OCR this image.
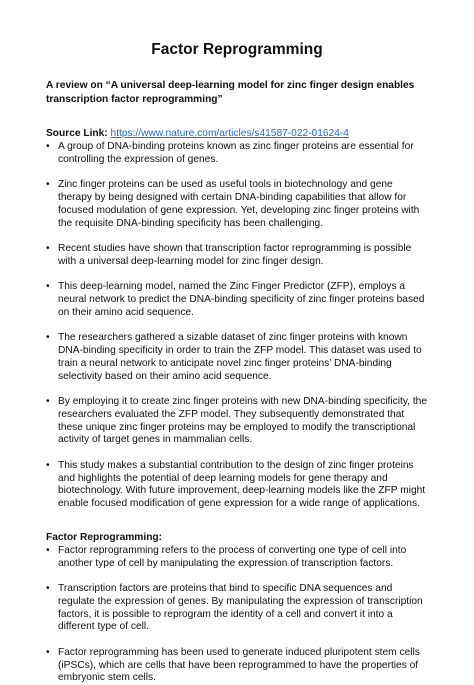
Factor Reprogramming

A review on “A universal deep-learning model for zinc finger design enables transcription factor reprogramming”

Source Link: https://www.nature.com/articles/s41587-022-01624-4

• A group of DNA-binding proteins known as zinc finger proteins are essential for controlling the expression of genes.
• Zinc finger proteins can be used as useful tools in biotechnology and gene therapy by being designed with certain DNA-binding capabilities that allow for focused modulation of gene expression. Yet, developing zinc finger proteins with the requisite DNA-binding specificity has been challenging.
• Recent studies have shown that transcription factor reprogramming is possible with a universal deep-learning model for zinc finger design.
• This deep-learning model, named the Zinc Finger Predictor (ZFP), employs a neural network to predict the DNA-binding specificity of zinc finger proteins based on their amino acid sequence.
• The researchers gathered a sizable dataset of zinc finger proteins with known DNA-binding specificity in order to train the ZFP model. This dataset was used to train a neural network to anticipate novel zinc finger proteins’ DNA-binding selectivity based on their amino acid sequence.
• By employing it to create zinc finger proteins with new DNA-binding specificity, the researchers evaluated the ZFP model. They subsequently demonstrated that these unique zinc finger proteins may be employed to modify the transcriptional activity of target genes in mammalian cells.
• This study makes a substantial contribution to the design of zinc finger proteins and highlights the potential of deep learning models for gene therapy and biotechnology. With future improvement, deep-learning models like the ZFP might enable focused modification of gene expression for a wide range of applications.

Factor Reprogramming:

• Factor reprogramming refers to the process of converting one type of cell into another type of cell by manipulating the expression of transcription factors.
• Transcription factors are proteins that bind to specific DNA sequences and regulate the expression of genes. By manipulating the expression of transcription factors, it is possible to reprogram the identity of a cell and convert it into a different type of cell.
• Factor reprogramming has been used to generate induced pluripotent stem cells (iPSCs), which are cells that have been reprogrammed to have the properties of embryonic stem cells.
